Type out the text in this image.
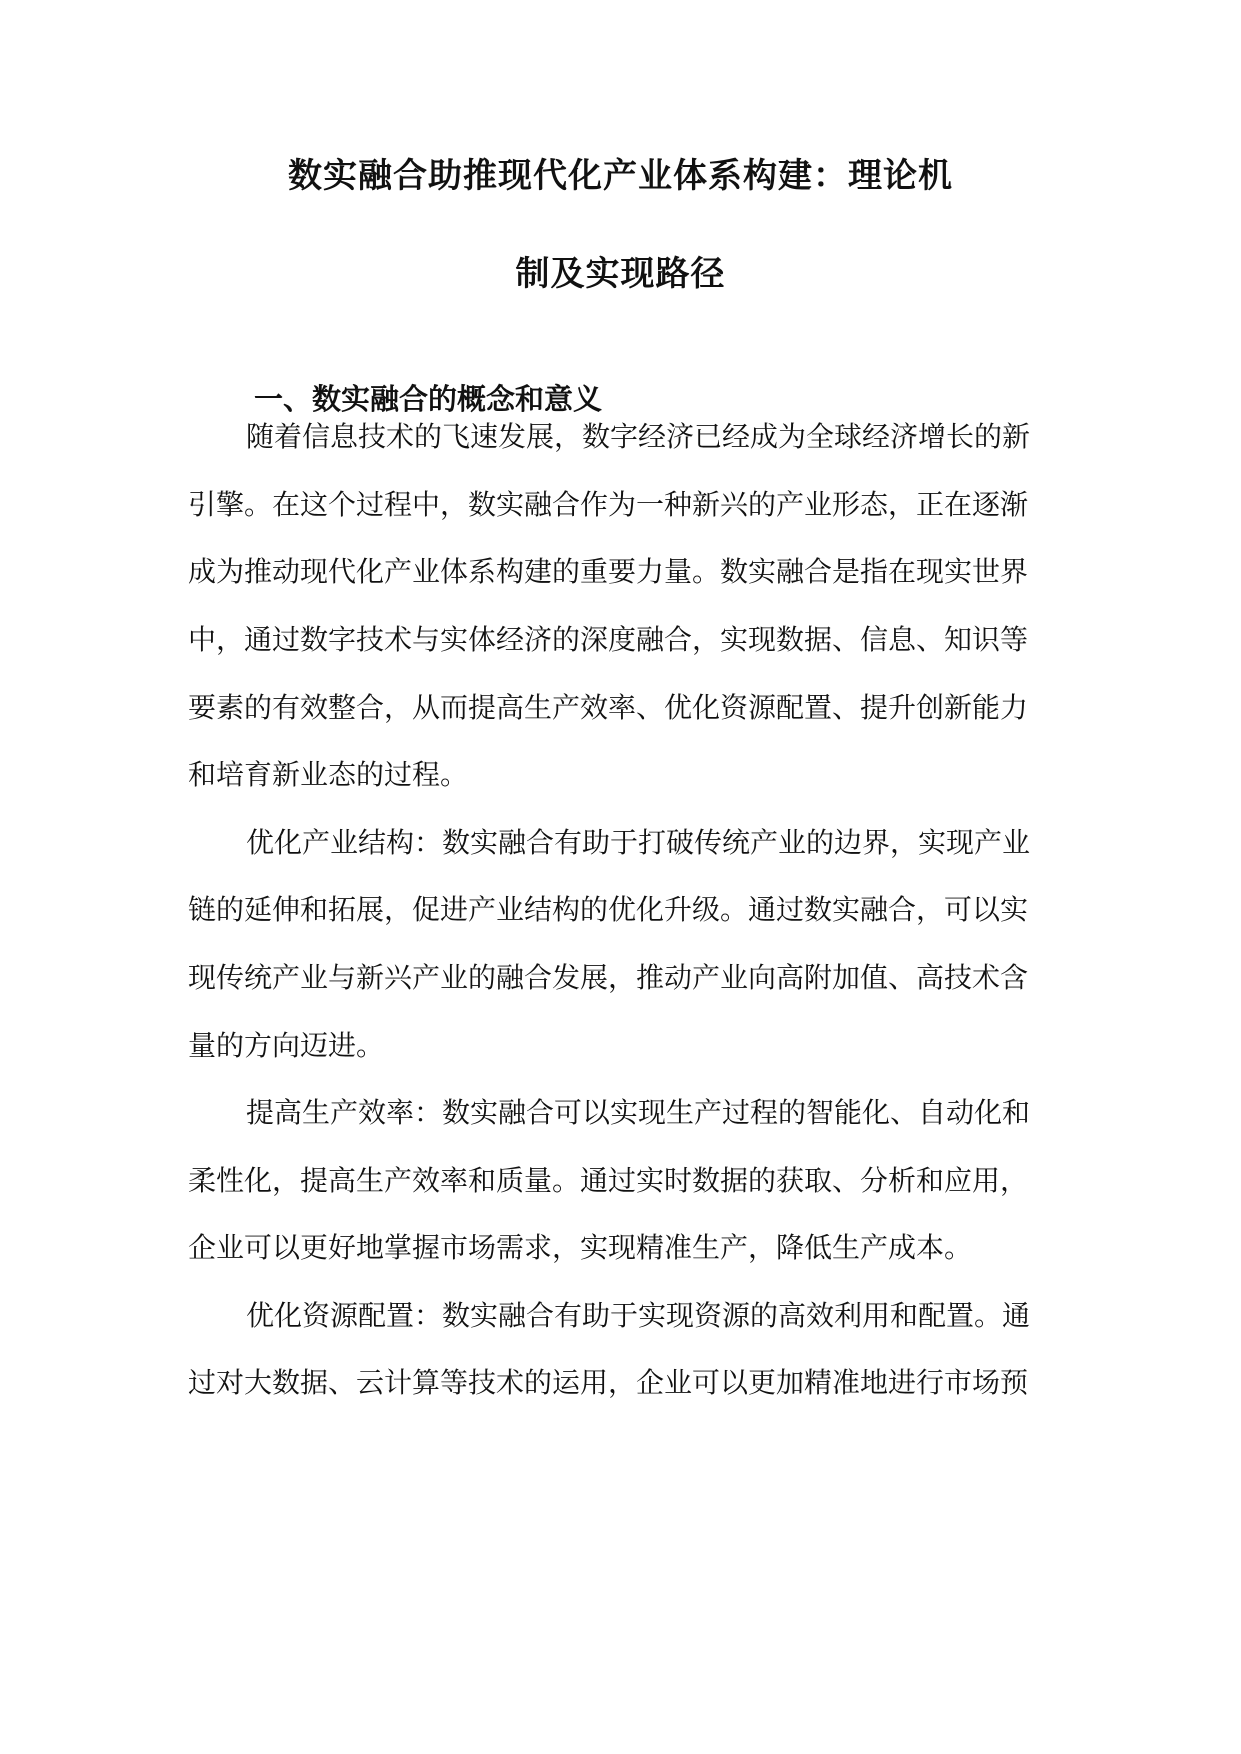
数实融合助推现代化产业体系构建：理论机
制及实现路径
一、数实融合的概念和意义
随着信息技术的飞速发展，数字经济已经成为全球经济增长的新
引擎。在这个过程中，数实融合作为一种新兴的产业形态，正在逐渐
成为推动现代化产业体系构建的重要力量。数实融合是指在现实世界
中，通过数字技术与实体经济的深度融合，实现数据、信息、知识等
要素的有效整合，从而提高生产效率、优化资源配置、提升创新能力
和培育新业态的过程。
优化产业结构：数实融合有助于打破传统产业的边界，实现产业
链的延伸和拓展，促进产业结构的优化升级。通过数实融合，可以实
现传统产业与新兴产业的融合发展，推动产业向高附加值、高技术含
量的方向迈进。
提高生产效率：数实融合可以实现生产过程的智能化、自动化和
柔性化，提高生产效率和质量。通过实时数据的获取、分析和应用，
企业可以更好地掌握市场需求，实现精准生产，降低生产成本。
优化资源配置：数实融合有助于实现资源的高效利用和配置。通
过对大数据、云计算等技术的运用，企业可以更加精准地进行市场预
